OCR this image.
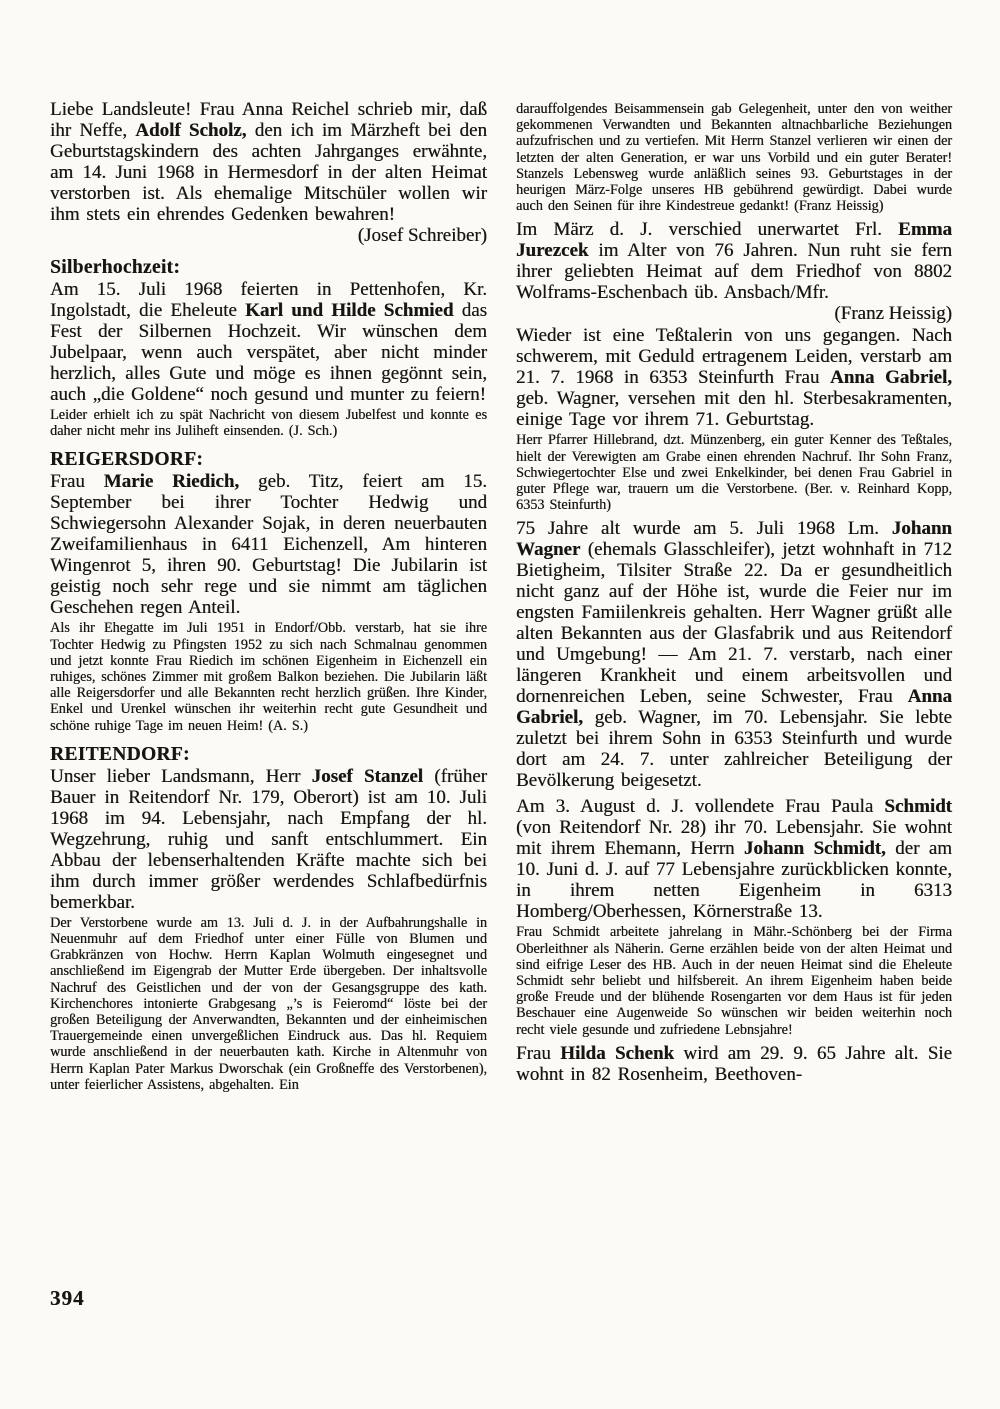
Liebe Landsleute! Frau Anna Reichel schrieb mir, daß ihr Neffe, Adolf Scholz, den ich im Märzheft bei den Geburtstagskindern des achten Jahrganges erwähnte, am 14. Juni 1968 in Hermesdorf in der alten Heimat verstorben ist. Als ehemalige Mitschüler wollen wir ihm stets ein ehrendes Gedenken bewahren!
(Josef Schreiber)
Silberhochzeit:
Am 15. Juli 1968 feierten in Pettenhofen, Kr. Ingolstadt, die Eheleute Karl und Hilde Schmied das Fest der Silbernen Hochzeit. Wir wünschen dem Jubelpaar, wenn auch verspätet, aber nicht minder herzlich, alles Gute und möge es ihnen gegönnt sein, auch „die Goldene“ noch gesund und munter zu feiern!
Leider erhielt ich zu spät Nachricht von diesem Jubelfest und konnte es daher nicht mehr ins Juliheft einsenden. (J. Sch.)
REIGERSDORF:
Frau Marie Riedich, geb. Titz, feiert am 15. September bei ihrer Tochter Hedwig und Schwiegersohn Alexander Sojak, in deren neuerbauten Zweifamilienhaus in 6411 Eichenzell, Am hinteren Wingenrot 5, ihren 90. Geburtstag! Die Jubilarin ist geistig noch sehr rege und sie nimmt am täglichen Geschehen regen Anteil.
Als ihr Ehegatte im Juli 1951 in Endorf/Obb. verstarb, hat sie ihre Tochter Hedwig zu Pfingsten 1952 zu sich nach Schmalnau genommen und jetzt konnte Frau Riedich im schönen Eigenheim in Eichenzell ein ruhiges, schönes Zimmer mit großem Balkon beziehen. Die Jubilarin läßt alle Reigersdorfer und alle Bekannten recht herzlich grüßen. Ihre Kinder, Enkel und Urenkel wünschen ihr weiterhin recht gute Gesundheit und schöne ruhige Tage im neuen Heim! (A. S.)
REITENDORF:
Unser lieber Landsmann, Herr Josef Stanzel (früher Bauer in Reitendorf Nr. 179, Oberort) ist am 10. Juli 1968 im 94. Lebensjahr, nach Empfang der hl. Wegzehrung, ruhig und sanft entschlummert. Ein Abbau der lebenserhaltenden Kräfte machte sich bei ihm durch immer größer werdendes Schlafbedürfnis bemerkbar.
Der Verstorbene wurde am 13. Juli d. J. in der Aufbahrungshalle in Neuenmuhr auf dem Friedhof unter einer Fülle von Blumen und Grabkränzen von Hochw. Herrn Kaplan Wolmuth eingesegnet und anschließend im Eigengrab der Mutter Erde übergeben. Der inhaltsvolle Nachruf des Geistlichen und der von der Gesangsgruppe des kath. Kirchenchores intonierte Grabgesang „’s is Feieromd“ löste bei der großen Beteiligung der Anverwandten, Bekannten und der einheimischen Trauergemeinde einen unvergeßlichen Eindruck aus. Das hl. Requiem wurde anschließend in der neuerbauten kath. Kirche in Altenmuhr von Herrn Kaplan Pater Markus Dworschak (ein Großneffe des Verstorbenen), unter feierlicher Assistens, abgehalten. Ein
darauffolgendes Beisammensein gab Gelegenheit, unter den von weither gekommenen Verwandten und Bekannten altnachbarliche Beziehungen aufzufrischen und zu vertiefen. Mit Herrn Stanzel verlieren wir einen der letzten der alten Generation, er war uns Vorbild und ein guter Berater! Stanzels Lebensweg wurde anläßlich seines 93. Geburtstages in der heurigen März-Folge unseres HB gebührend gewürdigt. Dabei wurde auch den Seinen für ihre Kindestreue gedankt! (Franz Heissig)
Im März d. J. verschied unerwartet Frl. Emma Jurezcek im Alter von 76 Jahren. Nun ruht sie fern ihrer geliebten Heimat auf dem Friedhof von 8802 Wolframs-Eschenbach üb. Ansbach/Mfr.
(Franz Heissig)
Wieder ist eine Teßtalerin von uns gegangen. Nach schwerem, mit Geduld ertragenem Leiden, verstarb am 21. 7. 1968 in 6353 Steinfurth Frau Anna Gabriel, geb. Wagner, versehen mit den hl. Sterbesakramenten, einige Tage vor ihrem 71. Geburtstag.
Herr Pfarrer Hillebrand, dzt. Münzenberg, ein guter Kenner des Teßtales, hielt der Verewigten am Grabe einen ehrenden Nachruf. Ihr Sohn Franz, Schwiegertochter Else und zwei Enkelkinder, bei denen Frau Gabriel in guter Pflege war, trauern um die Verstorbene. (Ber. v. Reinhard Kopp, 6353 Steinfurth)
75 Jahre alt wurde am 5. Juli 1968 Lm. Johann Wagner (ehemals Glasschleifer), jetzt wohnhaft in 712 Bietigheim, Tilsiter Straße 22. Da er gesundheitlich nicht ganz auf der Höhe ist, wurde die Feier nur im engsten Famiilenkreis gehalten. Herr Wagner grüßt alle alten Bekannten aus der Glasfabrik und aus Reitendorf und Umgebung! — Am 21. 7. verstarb, nach einer längeren Krankheit und einem arbeitsvollen und dornenreichen Leben, seine Schwester, Frau Anna Gabriel, geb. Wagner, im 70. Lebensjahr. Sie lebte zuletzt bei ihrem Sohn in 6353 Steinfurth und wurde dort am 24. 7. unter zahlreicher Beteiligung der Bevölkerung beigesetzt.
Am 3. August d. J. vollendete Frau Paula Schmidt (von Reitendorf Nr. 28) ihr 70. Lebensjahr. Sie wohnt mit ihrem Ehemann, Herrn Johann Schmidt, der am 10. Juni d. J. auf 77 Lebensjahre zurückblicken konnte, in ihrem netten Eigenheim in 6313 Homberg/Oberhessen, Körnerstraße 13.
Frau Schmidt arbeitete jahrelang in Mähr.-Schönberg bei der Firma Oberleithner als Näherin. Gerne erzählen beide von der alten Heimat und sind eifrige Leser des HB. Auch in der neuen Heimat sind die Eheleute Schmidt sehr beliebt und hilfsbereit. An ihrem Eigenheim haben beide große Freude und der blühende Rosengarten vor dem Haus ist für jeden Beschauer eine Augenweide So wünschen wir beiden weiterhin noch recht viele gesunde und zufriedene Lebnsjahre!
Frau Hilda Schenk wird am 29. 9. 65 Jahre alt. Sie wohnt in 82 Rosenheim, Beethoven-
394
